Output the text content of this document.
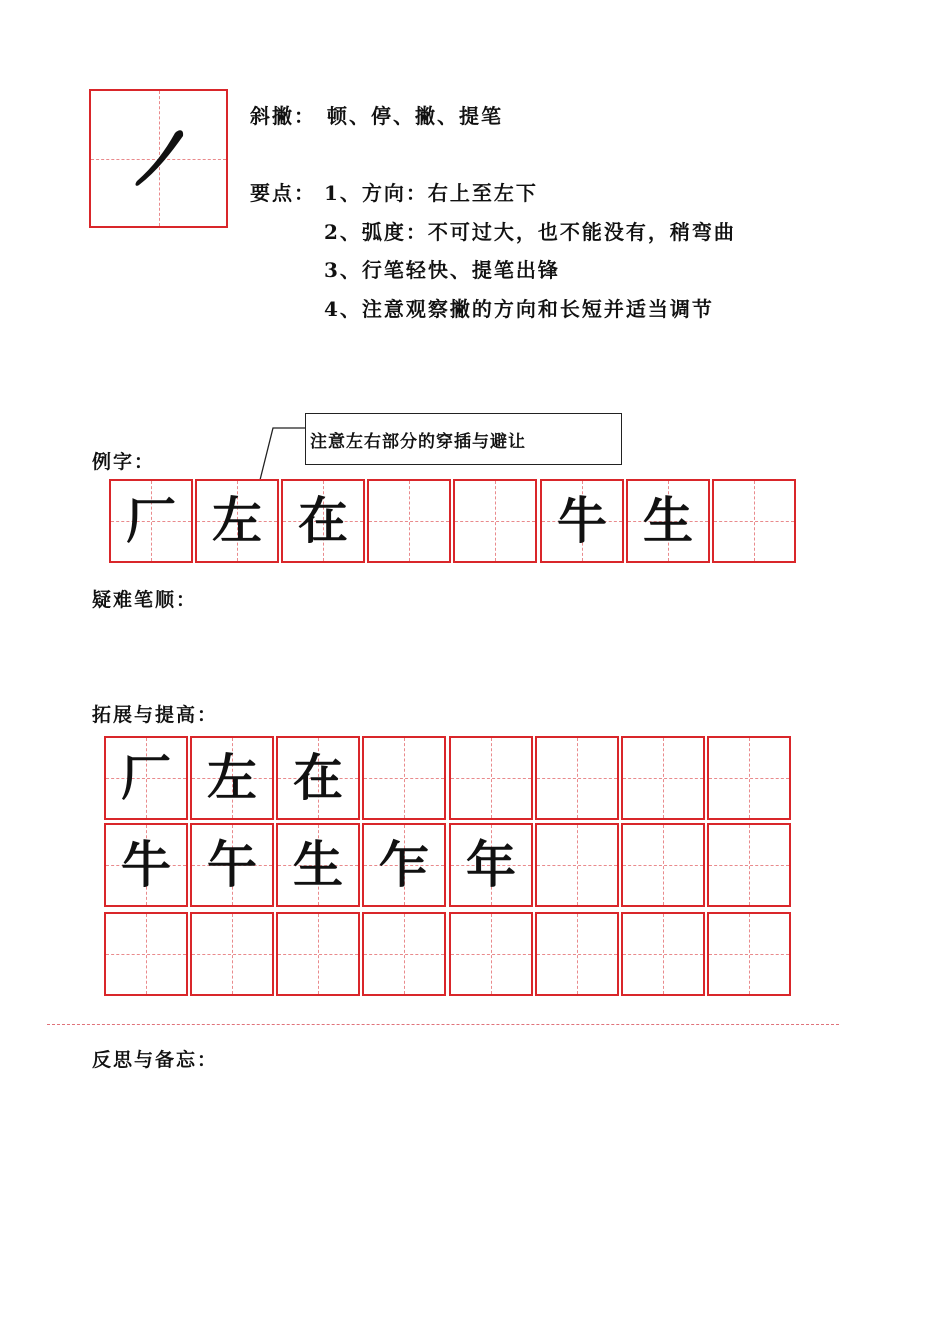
斜撇： 顿、停、撇、提笔
要点： 1、方向：右上至左下
2、弧度：不可过大，也不能没有，稍弯曲
3、行笔轻快、提笔出锋
4、注意观察撇的方向和长短并适当调节
例字：
注意左右部分的穿插与避让
厂 左 在	牛 生
疑难笔顺：
拓展与提高：
厂 左 在
牛 午 生 乍 年
反思与备忘：
